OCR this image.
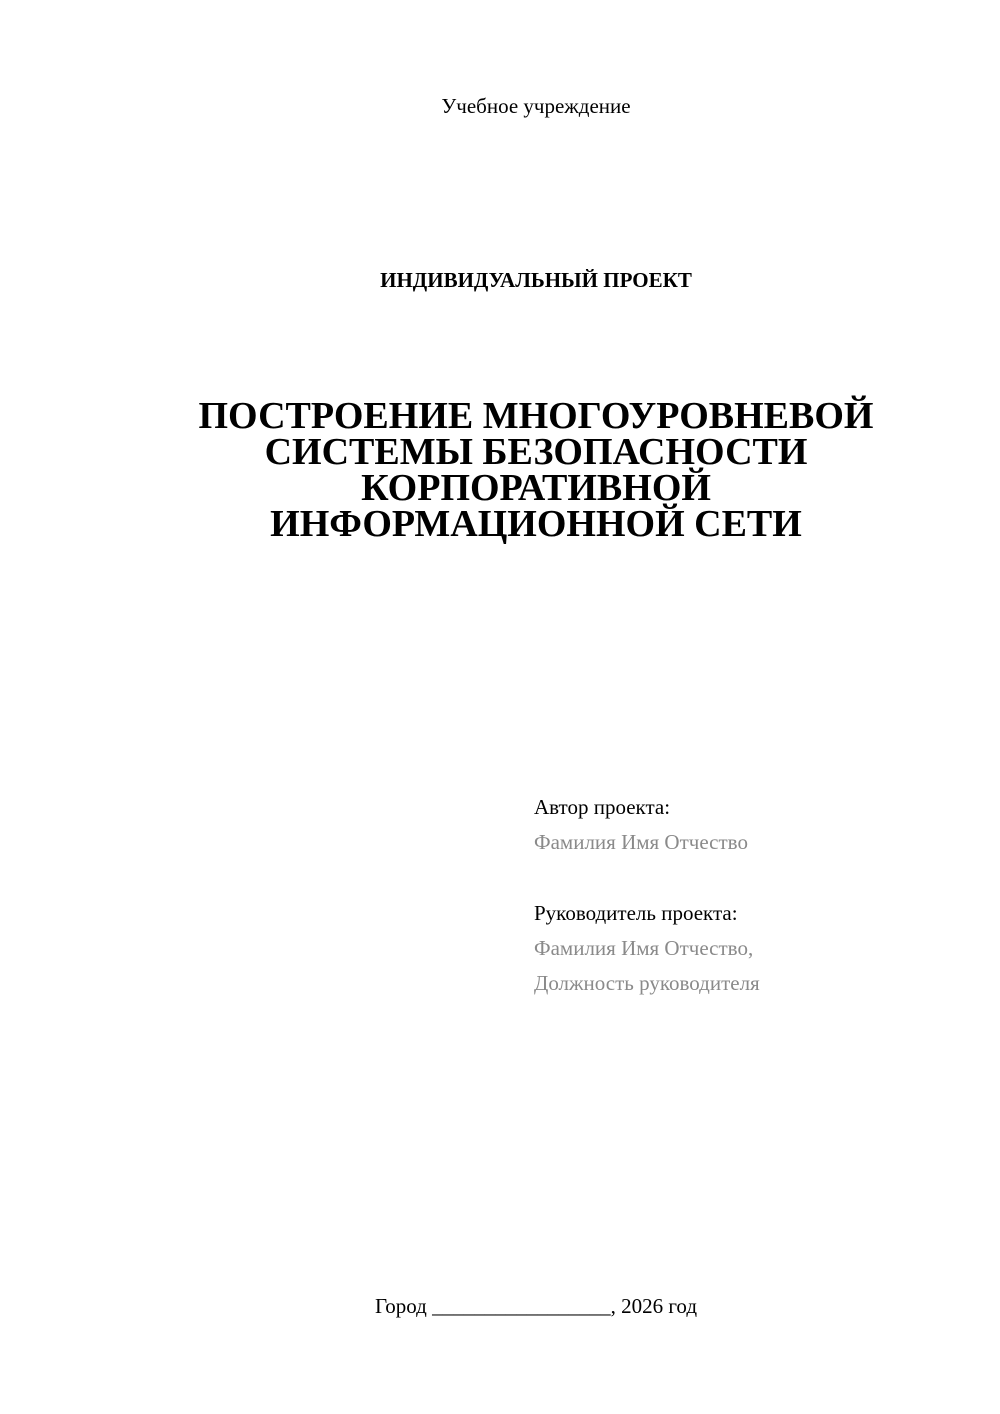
Учебное учреждение
ИНДИВИДУАЛЬНЫЙ ПРОЕКТ
ПОСТРОЕНИЕ МНОГОУРОВНЕВОЙ
СИСТЕМЫ БЕЗОПАСНОСТИ
КОРПОРАТИВНОЙ
ИНФОРМАЦИОННОЙ СЕТИ
Автор проекта:
Фамилия Имя Отчество
Руководитель проекта:
Фамилия Имя Отчество,
Должность руководителя
Город _________________, 2026 год
